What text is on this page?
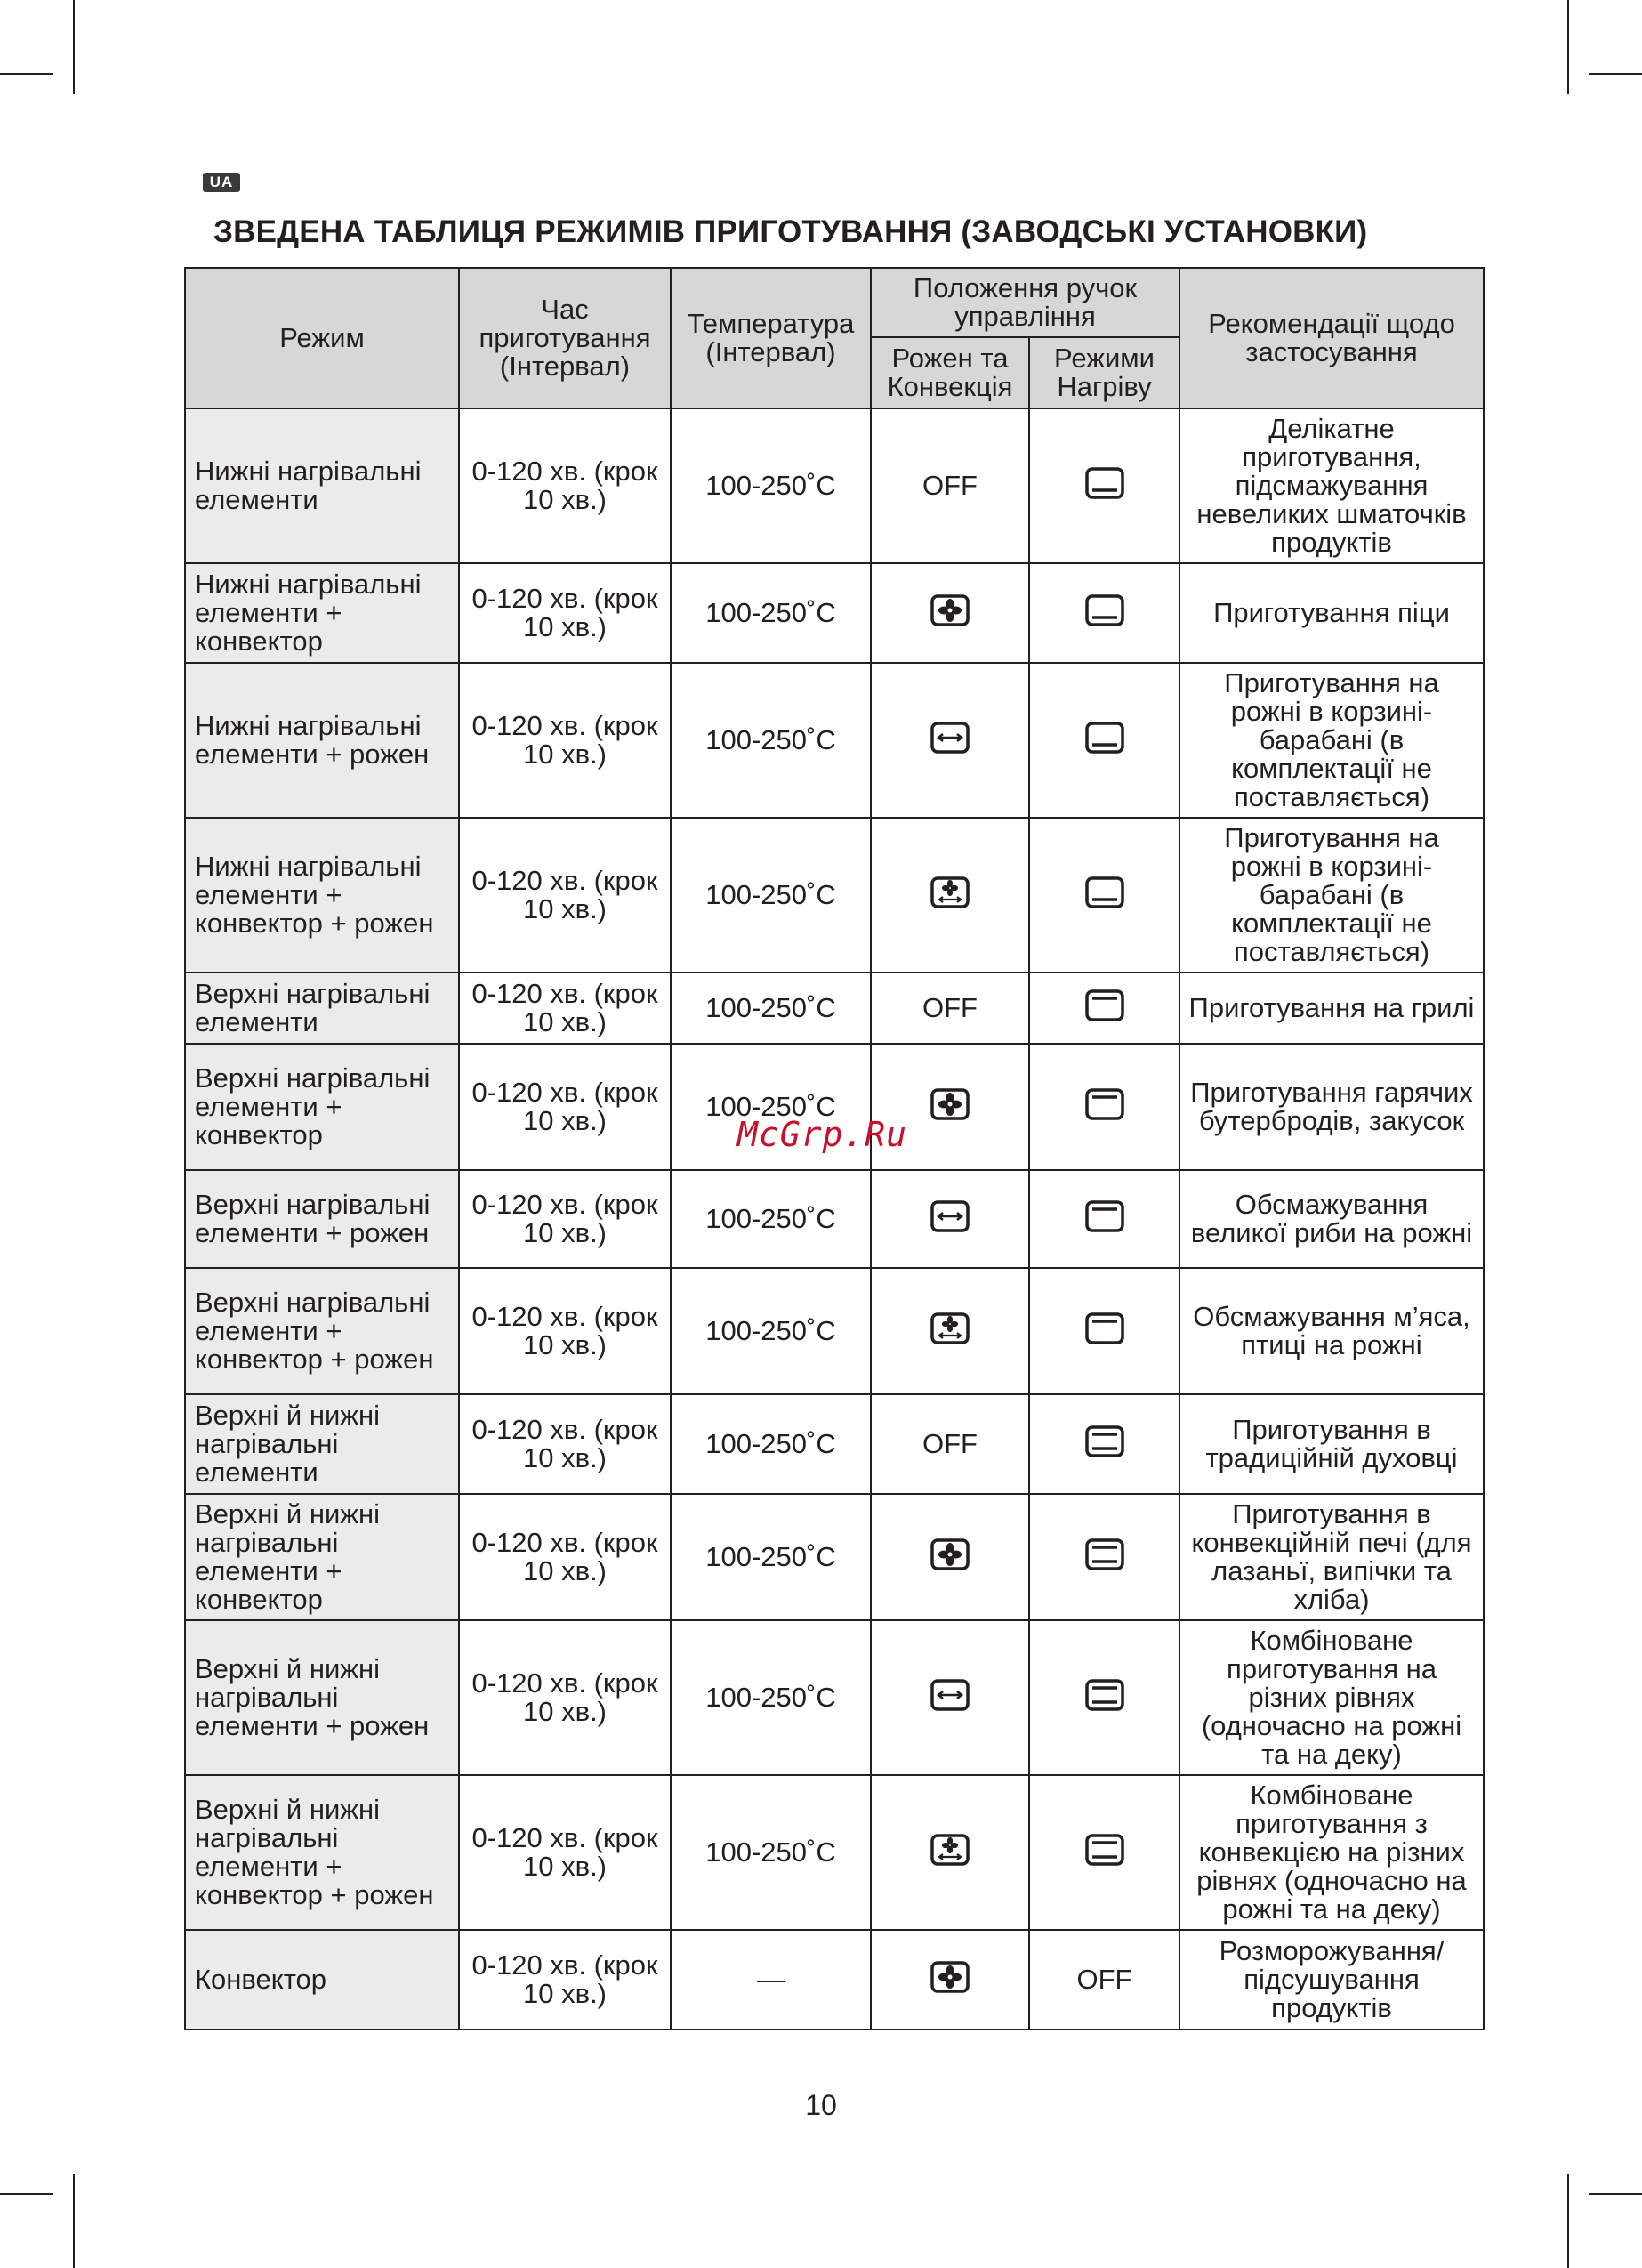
UA
ЗВЕДЕНА ТАБЛИЦЯ РЕЖИМІВ ПРИГОТУВАННЯ (ЗАВОДСЬКІ УСТАНОВКИ)
Режим	Час приготування (Інтервал)	Температура (Інтервал)	Положення ручок управління		Рекомендації щодо застосування
			Рожен та Конвекція	Режими Нагріву	
Нижні нагрівальні елементи	0-120 хв. (крок 10 хв.)	100-250˚С	OFF		Делікатне приготування, підсмажування невеликих шматочків продуктів
Нижні нагрівальні елементи + конвектор	0-120 хв. (крок 10 хв.)	100-250˚С			Приготування піци
Нижні нагрівальні елементи + рожен	0-120 хв. (крок 10 хв.)	100-250˚С			Приготування на рожні в корзині-барабані (в комплектації не поставляється)
Нижні нагрівальні елементи + конвектор + рожен	0-120 хв. (крок 10 хв.)	100-250˚С			Приготування на рожні в корзині-барабані (в комплектації не поставляється)
Верхні нагрівальні елементи	0-120 хв. (крок 10 хв.)	100-250˚С	OFF		Приготування на грилі
Верхні нагрівальні елементи + конвектор	0-120 хв. (крок 10 хв.)	100-250˚С			Приготування гарячих бутербродів, закусок
Верхні нагрівальні елементи + рожен	0-120 хв. (крок 10 хв.)	100-250˚С			Обсмажування великої риби на рожні
Верхні нагрівальні елементи + конвектор + рожен	0-120 хв. (крок 10 хв.)	100-250˚С			Обсмажування м’яса, птиці на рожні
Верхні й нижні нагрівальні елементи	0-120 хв. (крок 10 хв.)	100-250˚С	OFF		Приготування в традиційній духовці
Верхні й нижні нагрівальні елементи + конвектор	0-120 хв. (крок 10 хв.)	100-250˚С			Приготування в конвекційній печі (для лазаньї, випічки та хліба)
Верхні й нижні нагрівальні елементи + рожен	0-120 хв. (крок 10 хв.)	100-250˚С			Комбіноване приготування на різних рівнях (одночасно на рожні та на деку)
Верхні й нижні нагрівальні елементи + конвектор + рожен	0-120 хв. (крок 10 хв.)	100-250˚С			Комбіноване приготування з конвекцією на різних рівнях (одночасно на рожні та на деку)
Конвектор	0-120 хв. (крок 10 хв.)	—		OFF	Розморожування/ підсушування продуктів
McGrp.Ru
10
